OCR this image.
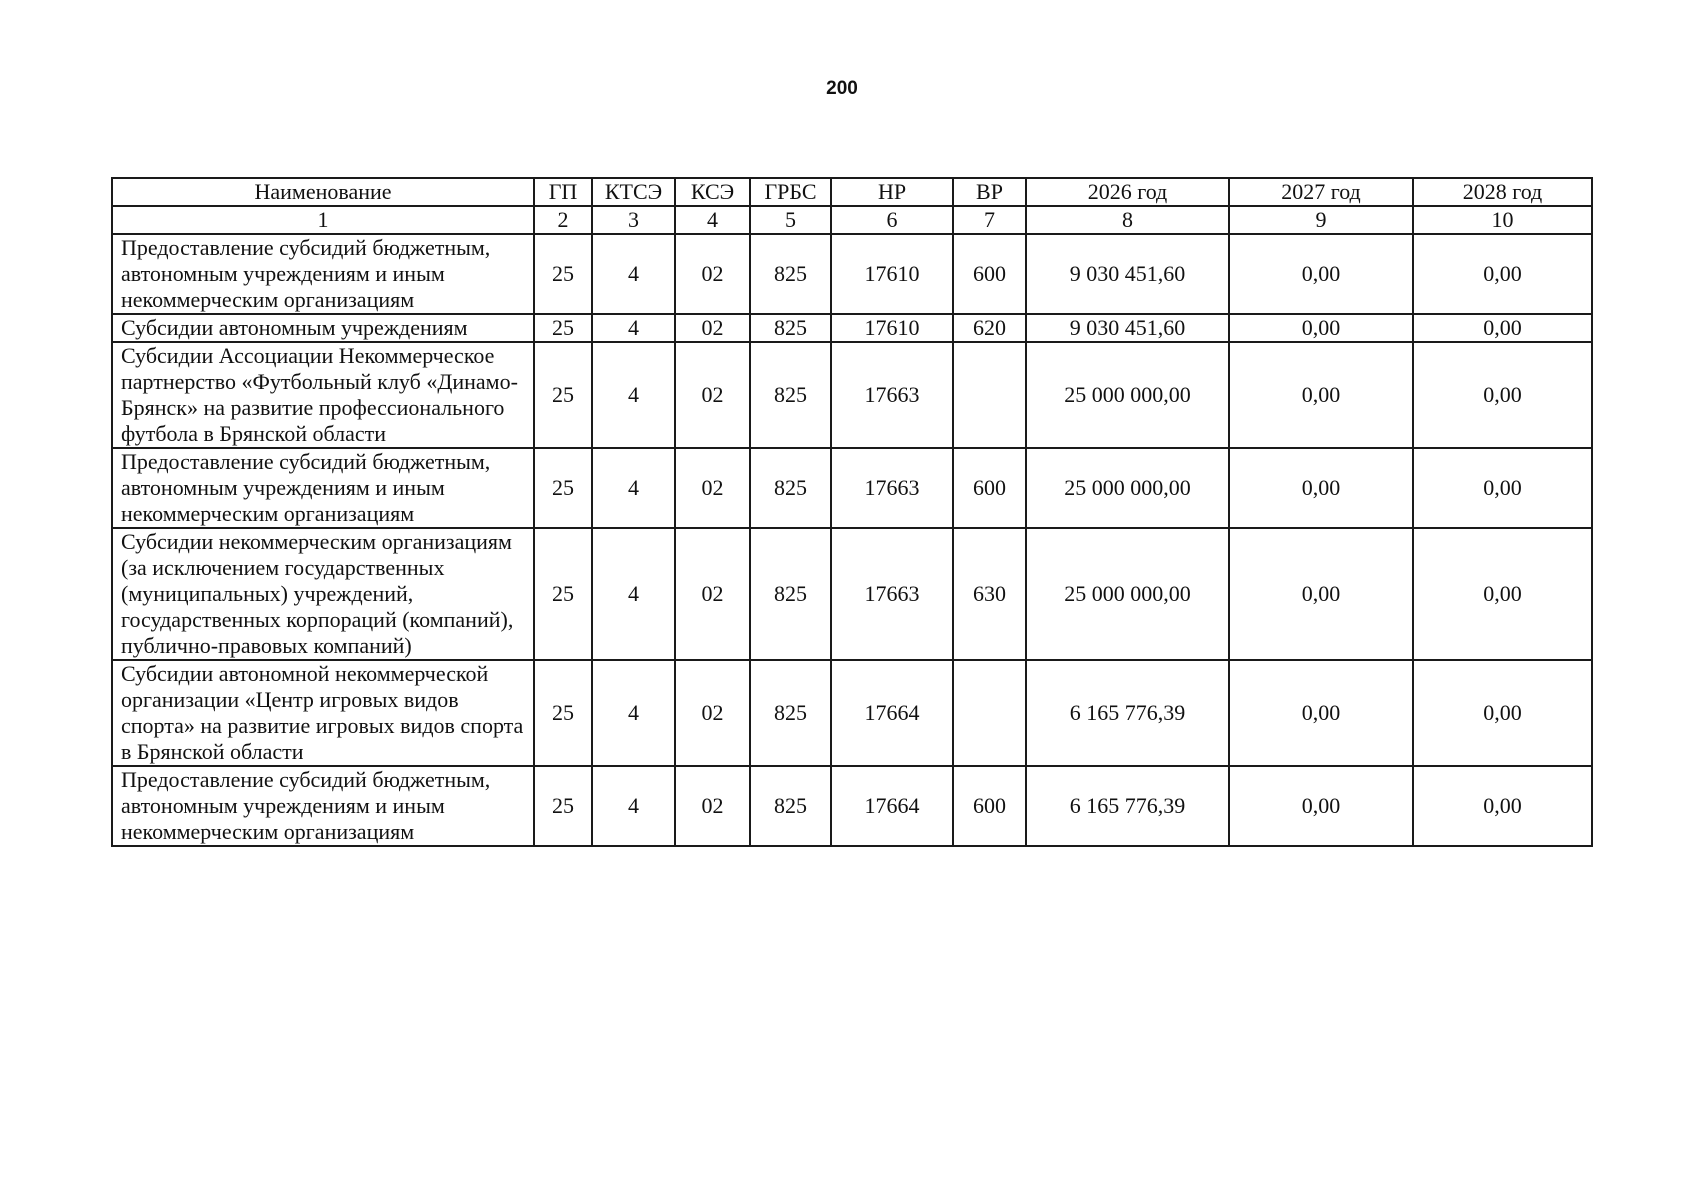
200
Наименование	ГП	КТСЭ	КСЭ	ГРБС	НР	ВР	2026 год	2027 год	2028 год
1	2	3	4	5	6	7	8	9	10
Предоставление субсидий бюджетным, автономным учреждениям и иным некоммерческим организациям	25	4	02	825	17610	600	9 030 451,60	0,00	0,00
Субсидии автономным учреждениям	25	4	02	825	17610	620	9 030 451,60	0,00	0,00
Субсидии Ассоциации Некоммерческое партнерство «Футбольный клуб «Динамо-Брянск» на развитие профессионального футбола в Брянской области	25	4	02	825	17663		25 000 000,00	0,00	0,00
Предоставление субсидий бюджетным, автономным учреждениям и иным некоммерческим организациям	25	4	02	825	17663	600	25 000 000,00	0,00	0,00
Субсидии некоммерческим организациям (за исключением государственных (муниципальных) учреждений, государственных корпораций (компаний), публично-правовых компаний)	25	4	02	825	17663	630	25 000 000,00	0,00	0,00
Субсидии автономной некоммерческой организации «Центр игровых видов спорта» на развитие игровых видов спорта в Брянской области	25	4	02	825	17664		6 165 776,39	0,00	0,00
Предоставление субсидий бюджетным, автономным учреждениям и иным некоммерческим организациям	25	4	02	825	17664	600	6 165 776,39	0,00	0,00
